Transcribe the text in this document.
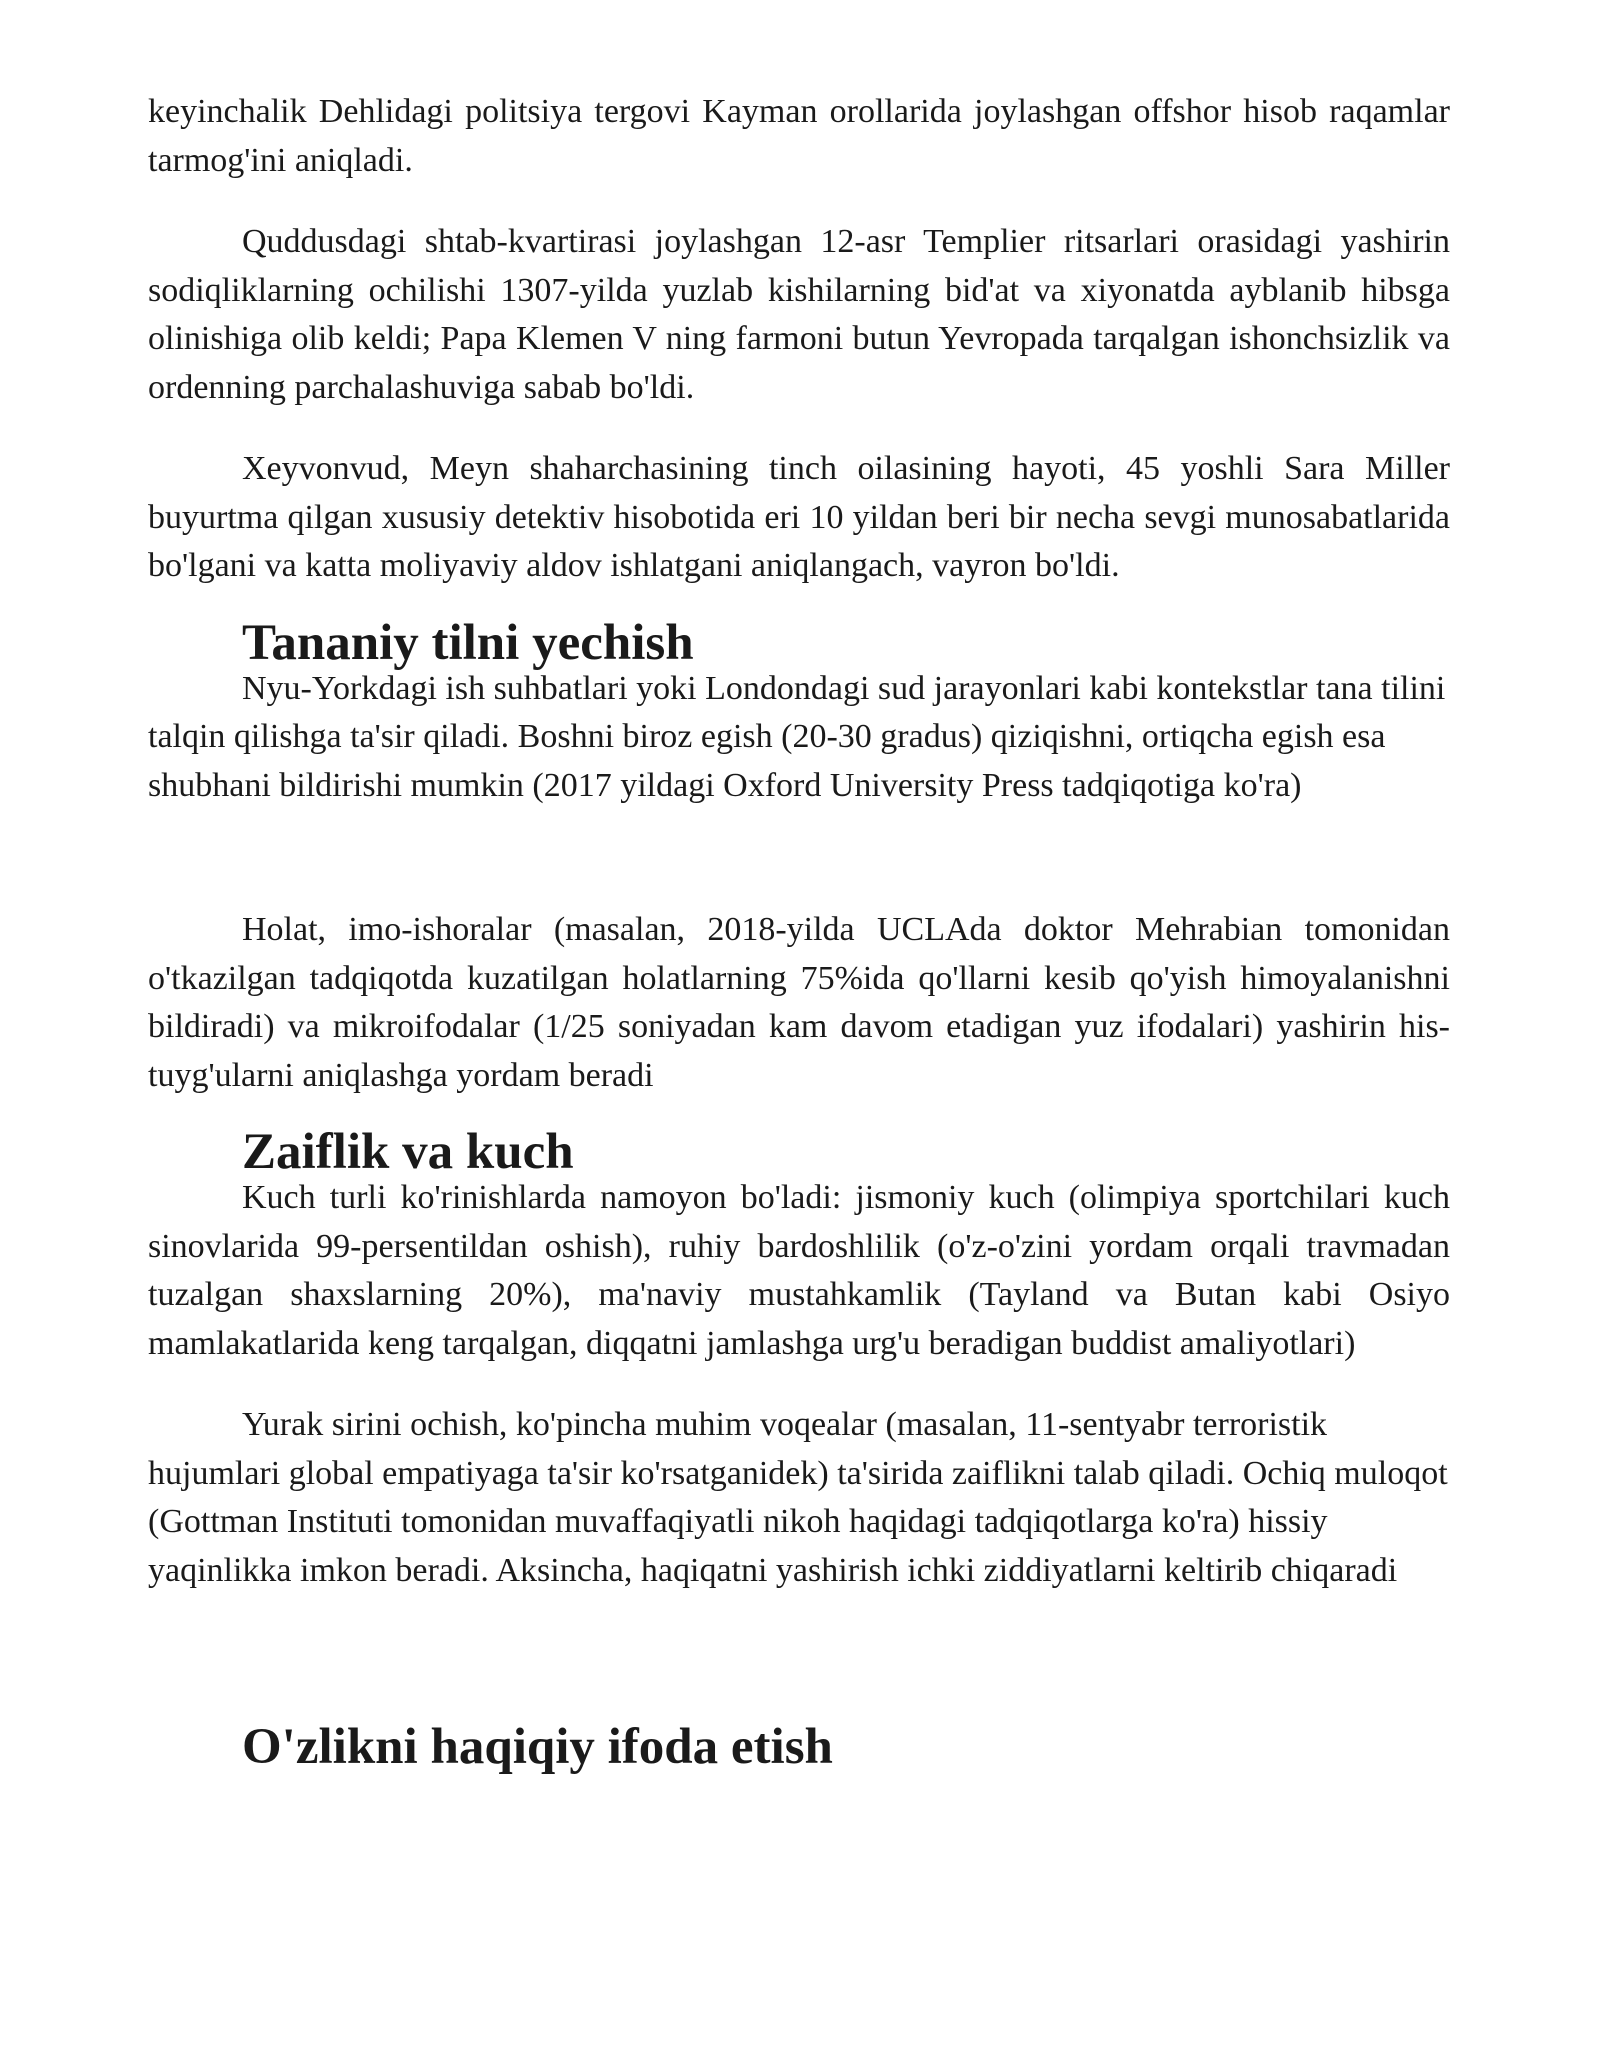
keyinchalik Dehlidagi politsiya tergovi Kayman orollarida joylashgan offshor hisob raqamlar tarmog'ini aniqladi.

Quddusdagi shtab-kvartirasi joylashgan 12-asr Templier ritsarlari orasidagi yashirin sodiqliklarning ochilishi 1307-yilda yuzlab kishilarning bid'at va xiyonatda ayblanib hibsga olinishiga olib keldi; Papa Klemen V ning farmoni butun Yevropada tarqalgan ishonchsizlik va ordenning parchalashuviga sabab bo'ldi.

Xeyvonvud, Meyn shaharchasining tinch oilasining hayoti, 45 yoshli Sara Miller buyurtma qilgan xususiy detektiv hisobotida eri 10 yildan beri bir necha sevgi munosabatlarida bo'lgani va katta moliyaviy aldov ishlatgani aniqlangach, vayron bo'ldi.

Tananiy tilni yechish

Nyu-Yorkdagi ish suhbatlari yoki Londondagi sud jarayonlari kabi kontekstlar tana tilini talqin qilishga ta'sir qiladi. Boshni biroz egish (20-30 gradus) qiziqishni, ortiqcha egish esa shubhani bildirishi mumkin (2017 yildagi Oxford University Press tadqiqotiga ko'ra)

Holat, imo-ishoralar (masalan, 2018-yilda UCLAda doktor Mehrabian tomonidan o'tkazilgan tadqiqotda kuzatilgan holatlarning 75%ida qo'llarni kesib qo'yish himoyalanishni bildiradi) va mikroifodalar (1/25 soniyadan kam davom etadigan yuz ifodalari) yashirin his-tuyg'ularni aniqlashga yordam beradi

Zaiflik va kuch

Kuch turli ko'rinishlarda namoyon bo'ladi: jismoniy kuch (olimpiya sportchilari kuch sinovlarida 99-persentildan oshish), ruhiy bardoshlilik (o'z-o'zini yordam orqali travmadan tuzalgan shaxslarning 20%), ma'naviy mustahkamlik (Tayland va Butan kabi Osiyo mamlakatlarida keng tarqalgan, diqqatni jamlashga urg'u beradigan buddist amaliyotlari)

Yurak sirini ochish, ko'pincha muhim voqealar (masalan, 11-sentyabr terroristik hujumlari global empatiyaga ta'sir ko'rsatganidek) ta'sirida zaiflikni talab qiladi. Ochiq muloqot (Gottman Instituti tomonidan muvaffaqiyatli nikoh haqidagi tadqiqotlarga ko'ra) hissiy yaqinlikka imkon beradi. Aksincha, haqiqatni yashirish ichki ziddiyatlarni keltirib chiqaradi

O'zlikni haqiqiy ifoda etish
